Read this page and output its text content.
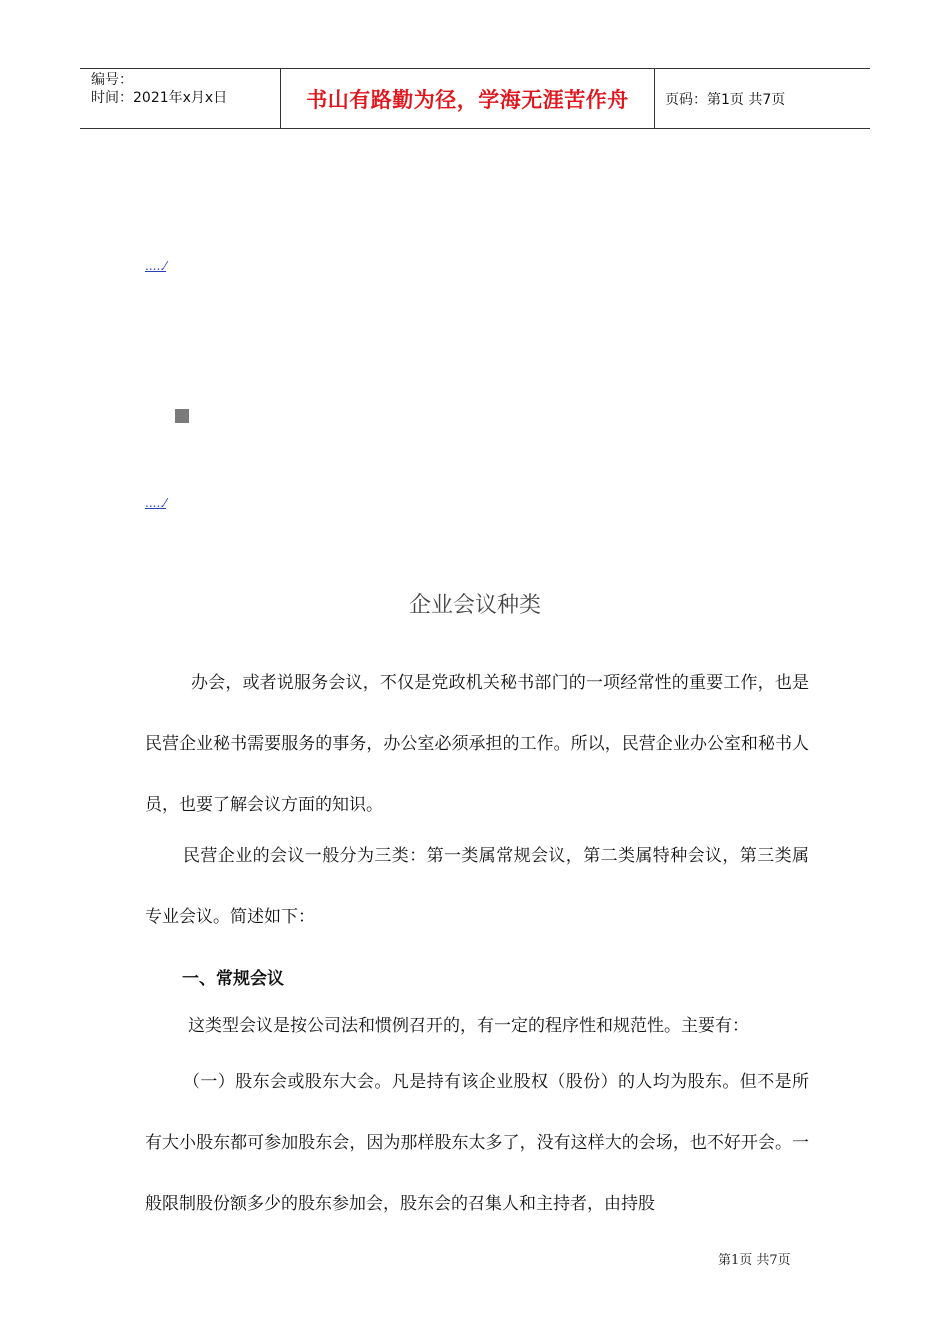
编号：
时间：2021年x月x日	书山有路勤为径，学海无涯苦作舟	页码：第1页 共7页
.....⁄
.....⁄
企业会议种类

办会，或者说服务会议，不仅是党政机关秘书部门的一项经常性的重要工作，也是民营企业秘书需要服务的事务，办公室必须承担的工作。所以，民营企业办公室和秘书人员，也要了解会议方面的知识。

民营企业的会议一般分为三类：第一类属常规会议，第二类属特种会议，第三类属专业会议。简述如下：

一、常规会议

这类型会议是按公司法和惯例召开的，有一定的程序性和规范性。主要有：

（一）股东会或股东大会。凡是持有该企业股权（股份）的人均为股东。但不是所有大小股东都可参加股东会，因为那样股东太多了，没有这样大的会场，也不好开会。一般限制股份额多少的股东参加会，股东会的召集人和主持者，由持股

第1页 共7页
